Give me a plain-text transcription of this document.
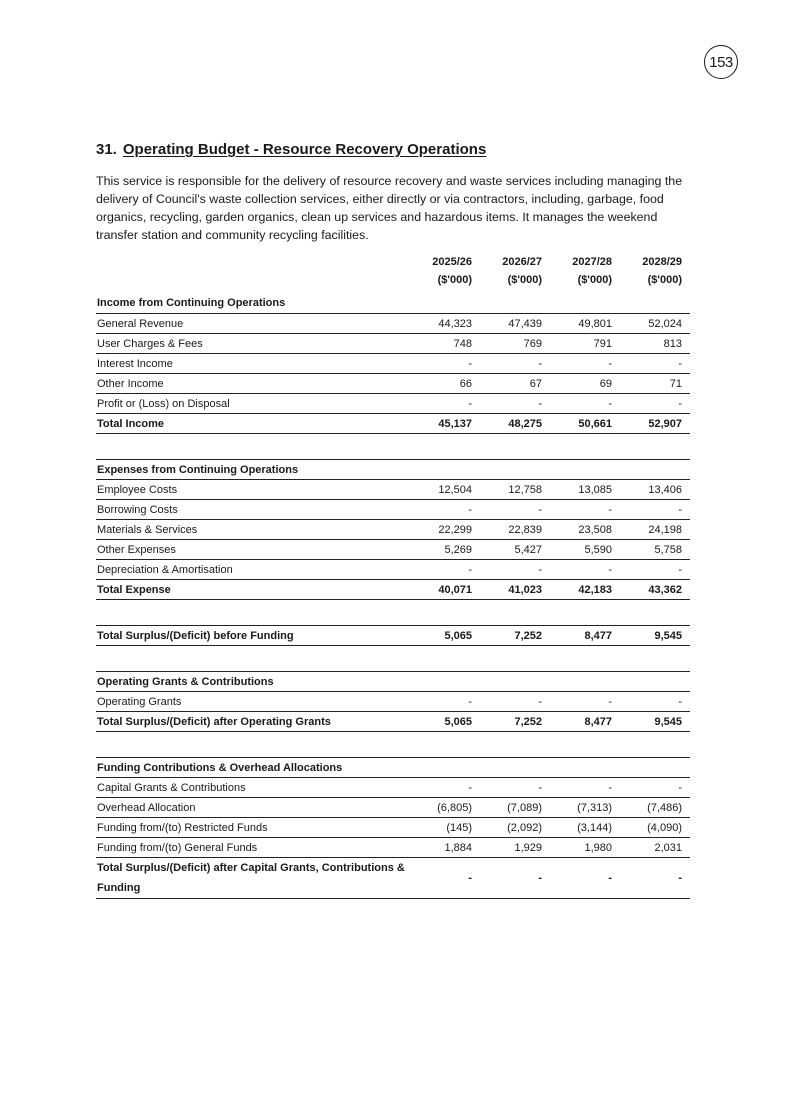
153
31. Operating Budget - Resource Recovery Operations

This service is responsible for the delivery of resource recovery and waste services including managing the delivery of Council's waste collection services, either directly or via contractors, including, garbage, food organics, recycling, garden organics, clean up services and hazardous items. It manages the weekend transfer station and community recycling facilities.

	2025/26	2026/27	2027/28	2028/29
	($'000)	($'000)	($'000)	($'000)
Income from Continuing Operations				
General Revenue	44,323	47,439	49,801	52,024
User Charges & Fees	748	769	791	813
Interest Income	-	-	-	-
Other Income	66	67	69	71
Profit or (Loss) on Disposal	-	-	-	-
Total Income	45,137	48,275	50,661	52,907

Expenses from Continuing Operations				
Employee Costs	12,504	12,758	13,085	13,406
Borrowing Costs	-	-	-	-
Materials & Services	22,299	22,839	23,508	24,198
Other Expenses	5,269	5,427	5,590	5,758
Depreciation & Amortisation	-	-	-	-
Total Expense	40,071	41,023	42,183	43,362

Total Surplus/(Deficit) before Funding	5,065	7,252	8,477	9,545

Operating Grants & Contributions				
Operating Grants	-	-	-	-
Total Surplus/(Deficit) after Operating Grants	5,065	7,252	8,477	9,545

Funding Contributions & Overhead Allocations				
Capital Grants & Contributions	-	-	-	-
Overhead Allocation	(6,805)	(7,089)	(7,313)	(7,486)
Funding from/(to) Restricted Funds	(145)	(2,092)	(3,144)	(4,090)
Funding from/(to) General Funds	1,884	1,929	1,980	2,031
Total Surplus/(Deficit) after Capital Grants, Contributions & Funding	-	-	-	-
